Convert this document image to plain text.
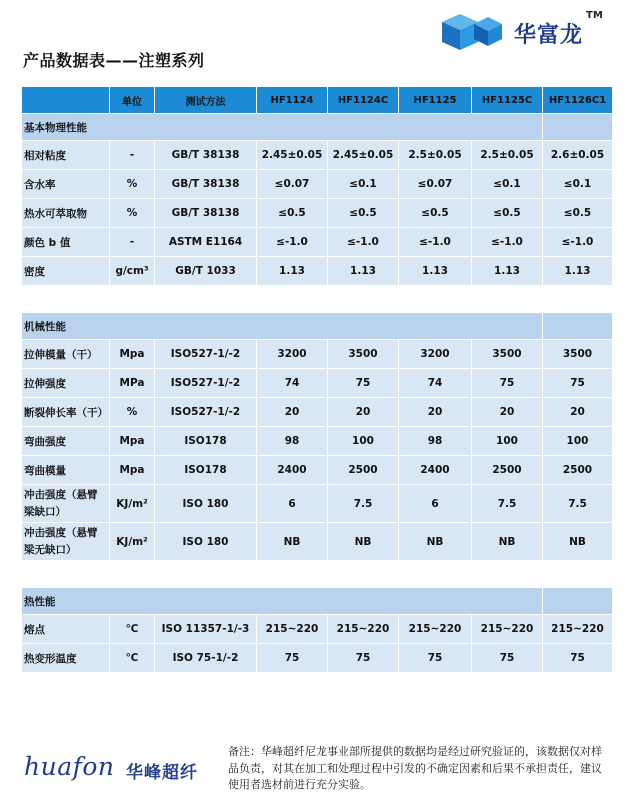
华富龙
TM
产品数据表——注塑系列
	单位	测试方法	HF1124	HF1124C	HF1125	HF1125C	HF1126C1
基本物理性能							
相对粘度	-	GB/T 38138	2.45±0.05	2.45±0.05	2.5±0.05	2.5±0.05	2.6±0.05
含水率	%	GB/T 38138	≤0.07	≤0.1	≤0.07	≤0.1	≤0.1
热水可萃取物	%	GB/T 38138	≤0.5	≤0.5	≤0.5	≤0.5	≤0.5
颜色 b 值	-	ASTM E1164	≤-1.0	≤-1.0	≤-1.0	≤-1.0	≤-1.0
密度	g/cm³	GB/T 1033	1.13	1.13	1.13	1.13	1.13

机械性能							
拉伸模量（干）	Mpa	ISO527-1/-2	3200	3500	3200	3500	3500
拉伸强度	MPa	ISO527-1/-2	74	75	74	75	75
断裂伸长率（干）	%	ISO527-1/-2	20	20	20	20	20
弯曲强度	Mpa	ISO178	98	100	98	100	100
弯曲模量	Mpa	ISO178	2400	2500	2400	2500	2500
冲击强度（悬臂梁缺口）	KJ/m²	ISO 180	6	7.5	6	7.5	7.5
冲击强度（悬臂梁无缺口）	KJ/m²	ISO 180	NB	NB	NB	NB	NB

热性能							
熔点	℃	ISO 11357-1/-3	215~220	215~220	215~220	215~220	215~220
热变形温度	℃	ISO 75-1/-2	75	75	75	75	75
huafon 华峰超纤
备注：华峰超纤尼龙事业部所提供的数据均是经过研究验证的，该数据仅对样品负责，对其在加工和处理过程中引发的不确定因素和后果不承担责任，建议使用者选材前进行充分实验。
